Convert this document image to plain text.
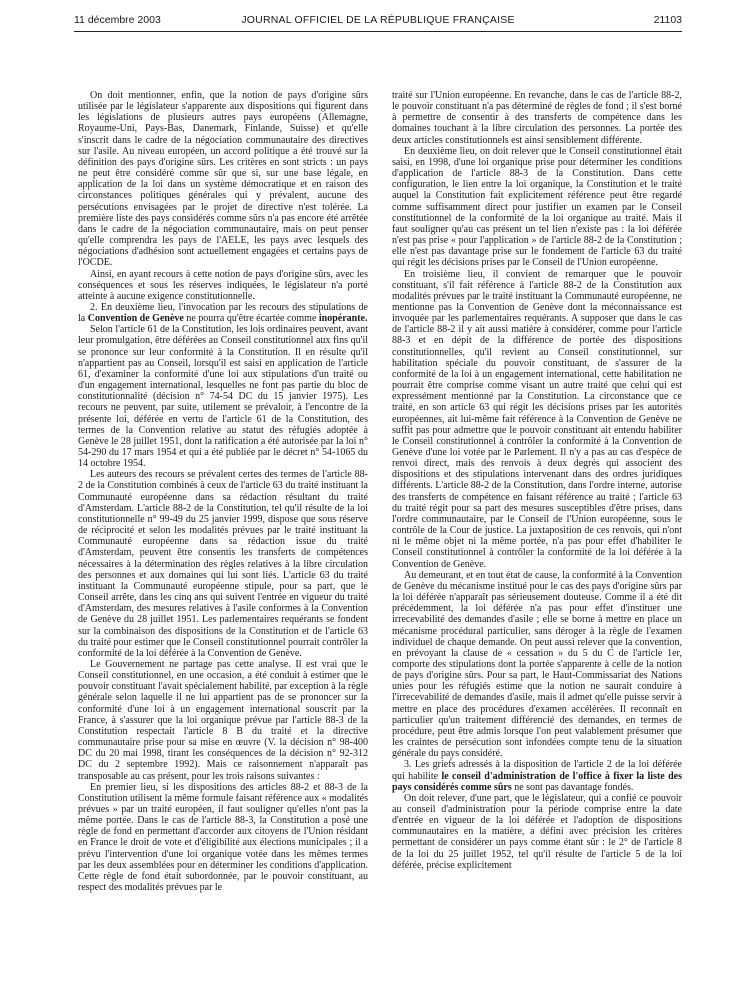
11 décembre 2003	JOURNAL OFFICIEL DE LA RÉPUBLIQUE FRANÇAISE	21103

On doit mentionner, enfin, que la notion de pays d'origine sûrs utilisée par le législateur s'apparente aux dispositions qui figurent dans les législations de plusieurs autres pays européens (Allemagne, Royaume-Uni, Pays-Bas, Danemark, Finlande, Suisse) et qu'elle s'inscrit dans le cadre de la négociation communautaire des directives sur l'asile. Au niveau européen, un accord politique a été trouvé sur la définition des pays d'origine sûrs. Les critères en sont stricts : un pays ne peut être considéré comme sûr que si, sur une base légale, en application de la loi dans un système démocratique et en raison des circonstances politiques générales qui y prévalent, aucune des persécutions envisagées par le projet de directive n'est tolérée. La première liste des pays considérés comme sûrs n'a pas encore été arrêtée dans le cadre de la négociation communautaire, mais on peut penser qu'elle comprendra les pays de l'AELE, les pays avec lesquels des négociations d'adhésion sont actuellement engagées et certains pays de l'OCDE.

Ainsi, en ayant recours à cette notion de pays d'origine sûrs, avec les conséquences et sous les réserves indiquées, le législateur n'a porté atteinte à aucune exigence constitutionnelle.

2. En deuxième lieu, l'invocation par les recours des stipulations de la Convention de Genève ne pourra qu'être écartée comme inopérante.

Selon l'article 61 de la Constitution, les lois ordinaires peuvent, avant leur promulgation, être déférées au Conseil constitutionnel aux fins qu'il se prononce sur leur conformité à la Constitution. Il en résulte qu'il n'appartient pas au Conseil, lorsqu'il est saisi en application de l'article 61, d'examiner la conformité d'une loi aux stipulations d'un traité ou d'un engagement international, lesquelles ne font pas partie du bloc de constitutionnalité (décision n° 74-54 DC du 15 janvier 1975). Les recours ne peuvent, par suite, utilement se prévaloir, à l'encontre de la présente loi, déférée en vertu de l'article 61 de la Constitution, des termes de la Convention relative au statut des réfugiés adoptée à Genève le 28 juillet 1951, dont la ratification a été autorisée par la loi n° 54-290 du 17 mars 1954 et qui a été publiée par le décret n° 54-1065 du 14 octobre 1954.

Les auteurs des recours se prévalent certes des termes de l'article 88-2 de la Constitution combinés à ceux de l'article 63 du traité instituant la Communauté européenne dans sa rédaction résultant du traité d'Amsterdam. L'article 88-2 de la Constitution, tel qu'il résulte de la loi constitutionnelle n° 99-49 du 25 janvier 1999, dispose que sous réserve de réciprocité et selon les modalités prévues par le traité instituant la Communauté européenne dans sa rédaction issue du traité d'Amsterdam, peuvent être consentis les transferts de compétences nécessaires à la détermination des règles relatives à la libre circulation des personnes et aux domaines qui lui sont liés. L'article 63 du traité instituant la Communauté européenne stipule, pour sa part, que le Conseil arrête, dans les cinq ans qui suivent l'entrée en vigueur du traité d'Amsterdam, des mesures relatives à l'asile conformes à la Convention de Genève du 28 juillet 1951. Les parlementaires requérants se fondent sur la combinaison des dispositions de la Constitution et de l'article 63 du traité pour estimer que le Conseil constitutionnel pourrait contrôler la conformité de la loi déférée à la Convention de Genève.

Le Gouvernement ne partage pas cette analyse. Il est vrai que le Conseil constitutionnel, en une occasion, a été conduit à estimer que le pouvoir constituant l'avait spécialement habilité, par exception à la règle générale selon laquelle il ne lui appartient pas de se prononcer sur la conformité d'une loi à un engagement international souscrit par la France, à s'assurer que la loi organique prévue par l'article 88-3 de la Constitution respectait l'article 8 B du traité et la directive communautaire prise pour sa mise en œuvre (V. la décision n° 98-400 DC du 20 mai 1998, tirant les conséquences de la décision n° 92-312 DC du 2 septembre 1992). Mais ce raisonnement n'apparaît pas transposable au cas présent, pour les trois raisons suivantes :

En premier lieu, si les dispositions des articles 88-2 et 88-3 de la Constitution utilisent la même formule faisant référence aux « modalités prévues » par un traité européen, il faut souligner qu'elles n'ont pas la même portée. Dans le cas de l'article 88-3, la Constitution a posé une règle de fond en permettant d'accorder aux citoyens de l'Union résidant en France le droit de vote et d'éligibilité aux élections municipales ; il a prévu l'intervention d'une loi organique votée dans les mêmes termes par les deux assemblées pour en déterminer les conditions d'application. Cette règle de fond était subordonnée, par le pouvoir constituant, au respect des modalités prévues par le

traité sur l'Union européenne. En revanche, dans le cas de l'article 88-2, le pouvoir constituant n'a pas déterminé de règles de fond ; il s'est borné à permettre de consentir à des transferts de compétence dans les domaines touchant à la libre circulation des personnes. La portée des deux articles constitutionnels est ainsi sensiblement différente.

En deuxième lieu, on doit relever que le Conseil constitutionnel était saisi, en 1998, d'une loi organique prise pour déterminer les conditions d'application de l'article 88-3 de la Constitution. Dans cette configuration, le lien entre la loi organique, la Constitution et le traité auquel la Constitution fait explicitement référence peut être regardé comme suffisamment direct pour justifier un examen par le Conseil constitutionnel de la conformité de la loi organique au traité. Mais il faut souligner qu'au cas présent un tel lien n'existe pas : la loi déférée n'est pas prise « pour l'application » de l'article 88-2 de la Constitution ; elle n'est pas davantage prise sur le fondement de l'article 63 du traité qui régit les décisions prises par le Conseil de l'Union européenne.

En troisième lieu, il convient de remarquer que le pouvoir constituant, s'il fait référence à l'article 88-2 de la Constitution aux modalités prévues par le traité instituant la Communauté européenne, ne mentionne pas la Convention de Genève dont la méconnaissance est invoquée par les parlementaires requérants. A supposer que dans le cas de l'article 88-2 il y ait aussi matière à considérer, comme pour l'article 88-3 et en dépit de la différence de portée des dispositions constitutionnelles, qu'il revient au Conseil constitutionnel, sur habilitation spéciale du pouvoir constituant, de s'assurer de la conformité de la loi à un engagement international, cette habilitation ne pourrait être comprise comme visant un autre traité que celui qui est expressément mentionné par la Constitution. La circonstance que ce traité, en son article 63 qui régit les décisions prises par les autorités européennes, ait lui-même fait référence à la Convention de Genève ne suffit pas pour admettre que le pouvoir constituant ait entendu habiliter le Conseil constitutionnel à contrôler la conformité à la Convention de Genève d'une loi votée par le Parlement. Il n'y a pas au cas d'espèce de renvoi direct, mais des renvois à deux degrés qui associent des dispositions et des stipulations intervenant dans des ordres juridiques différents. L'article 88-2 de la Constitution, dans l'ordre interne, autorise des transferts de compétence en faisant référence au traité ; l'article 63 du traité régit pour sa part des mesures susceptibles d'être prises, dans l'ordre communautaire, par le Conseil de l'Union européenne, sous le contrôle de la Cour de justice. La juxtaposition de ces renvois, qui n'ont ni le même objet ni la même portée, n'a pas pour effet d'habiliter le Conseil constitutionnel à contrôler la conformité de la loi déférée à la Convention de Genève.

Au demeurant, et en tout état de cause, la conformité à la Convention de Genève du mécanisme institué pour le cas des pays d'origine sûrs par la loi déférée n'apparaît pas sérieusement douteuse. Comme il a été dit précédemment, la loi déférée n'a pas pour effet d'instituer une irrecevabilité des demandes d'asile ; elle se borne à mettre en place un mécanisme procédural particulier, sans déroger à la règle de l'examen individuel de chaque demande. On peut aussi relever que la convention, en prévoyant la clause de « cessation » du 5 du C de l'article 1er, comporte des stipulations dont la portée s'apparente à celle de la notion de pays d'origine sûrs. Pour sa part, le Haut-Commissariat des Nations unies pour les réfugiés estime que la notion ne saurait conduire à l'irrecevabilité de demandes d'asile, mais il admet qu'elle puisse servir à mettre en place des procédures d'examen accélérées. Il reconnaît en particulier qu'un traitement différencié des demandes, en termes de procédure, peut être admis lorsque l'on peut valablement présumer que les craintes de persécution sont infondées compte tenu de la situation générale du pays considéré.

3. Les griefs adressés à la disposition de l'article 2 de la loi déférée qui habilite le conseil d'administration de l'office à fixer la liste des pays considérés comme sûrs ne sont pas davantage fondés.

On doit relever, d'une part, que le législateur, qui a confié ce pouvoir au conseil d'administration pour la période comprise entre la date d'entrée en vigueur de la loi déférée et l'adoption de dispositions communautaires en la matière, a défini avec précision les critères permettant de considérer un pays comme étant sûr : le 2° de l'article 8 de la loi du 25 juillet 1952, tel qu'il résulte de l'article 5 de la loi déférée, précise explicitement
